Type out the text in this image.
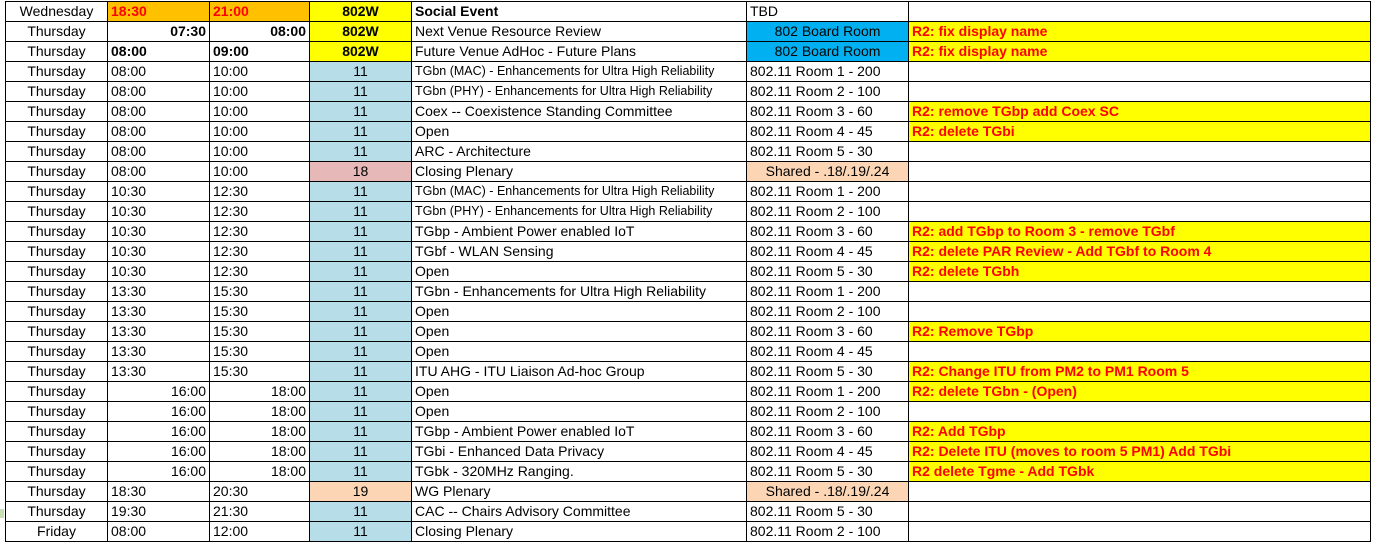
Wednesday	18:30	21:00	802W	Social Event	TBD	
Thursday	07:30	08:00	802W	Next Venue Resource Review	802 Board Room	R2: fix display name
Thursday	08:00	09:00	802W	Future Venue AdHoc - Future Plans	802 Board Room	R2: fix display name
Thursday	08:00	10:00	11	TGbn (MAC) - Enhancements for Ultra High Reliability	802.11 Room 1 - 200	
Thursday	08:00	10:00	11	TGbn (PHY) - Enhancements for Ultra High Reliability	802.11 Room 2 - 100	
Thursday	08:00	10:00	11	Coex -- Coexistence Standing Committee	802.11 Room 3 - 60	R2: remove TGbp add Coex SC
Thursday	08:00	10:00	11	Open	802.11 Room 4 - 45	R2: delete TGbi
Thursday	08:00	10:00	11	ARC - Architecture	802.11 Room 5 - 30	
Thursday	08:00	10:00	18	Closing Plenary	Shared - .18/.19/.24	
Thursday	10:30	12:30	11	TGbn (MAC) - Enhancements for Ultra High Reliability	802.11 Room 1 - 200	
Thursday	10:30	12:30	11	TGbn (PHY) - Enhancements for Ultra High Reliability	802.11 Room 2 - 100	
Thursday	10:30	12:30	11	TGbp - Ambient Power enabled IoT	802.11 Room 3 - 60	R2: add TGbp to Room 3 - remove TGbf
Thursday	10:30	12:30	11	TGbf - WLAN Sensing	802.11 Room 4 - 45	R2: delete PAR Review - Add TGbf to Room 4
Thursday	10:30	12:30	11	Open	802.11 Room 5 - 30	R2: delete TGbh
Thursday	13:30	15:30	11	TGbn - Enhancements for Ultra High Reliability	802.11 Room 1 - 200	
Thursday	13:30	15:30	11	Open	802.11 Room 2 - 100	
Thursday	13:30	15:30	11	Open	802.11 Room 3 - 60	R2: Remove TGbp
Thursday	13:30	15:30	11	Open	802.11 Room 4 - 45	
Thursday	13:30	15:30	11	ITU AHG - ITU Liaison Ad-hoc Group	802.11 Room 5 - 30	R2: Change ITU from PM2 to PM1 Room 5
Thursday	16:00	18:00	11	Open	802.11 Room 1 - 200	R2: delete TGbn - (Open)
Thursday	16:00	18:00	11	Open	802.11 Room 2 - 100	
Thursday	16:00	18:00	11	TGbp - Ambient Power enabled IoT	802.11 Room 3 - 60	R2: Add TGbp
Thursday	16:00	18:00	11	TGbi - Enhanced Data Privacy	802.11 Room 4 - 45	R2: Delete ITU (moves to room 5 PM1) Add TGbi
Thursday	16:00	18:00	11	TGbk - 320MHz Ranging.	802.11 Room 5 - 30	R2 delete Tgme - Add TGbk
Thursday	18:30	20:30	19	WG Plenary	Shared - .18/.19/.24	
Thursday	19:30	21:30	11	CAC -- Chairs Advisory Committee	802.11 Room 5 - 30	
Friday	08:00	12:00	11	Closing Plenary	802.11 Room 2 - 100	
